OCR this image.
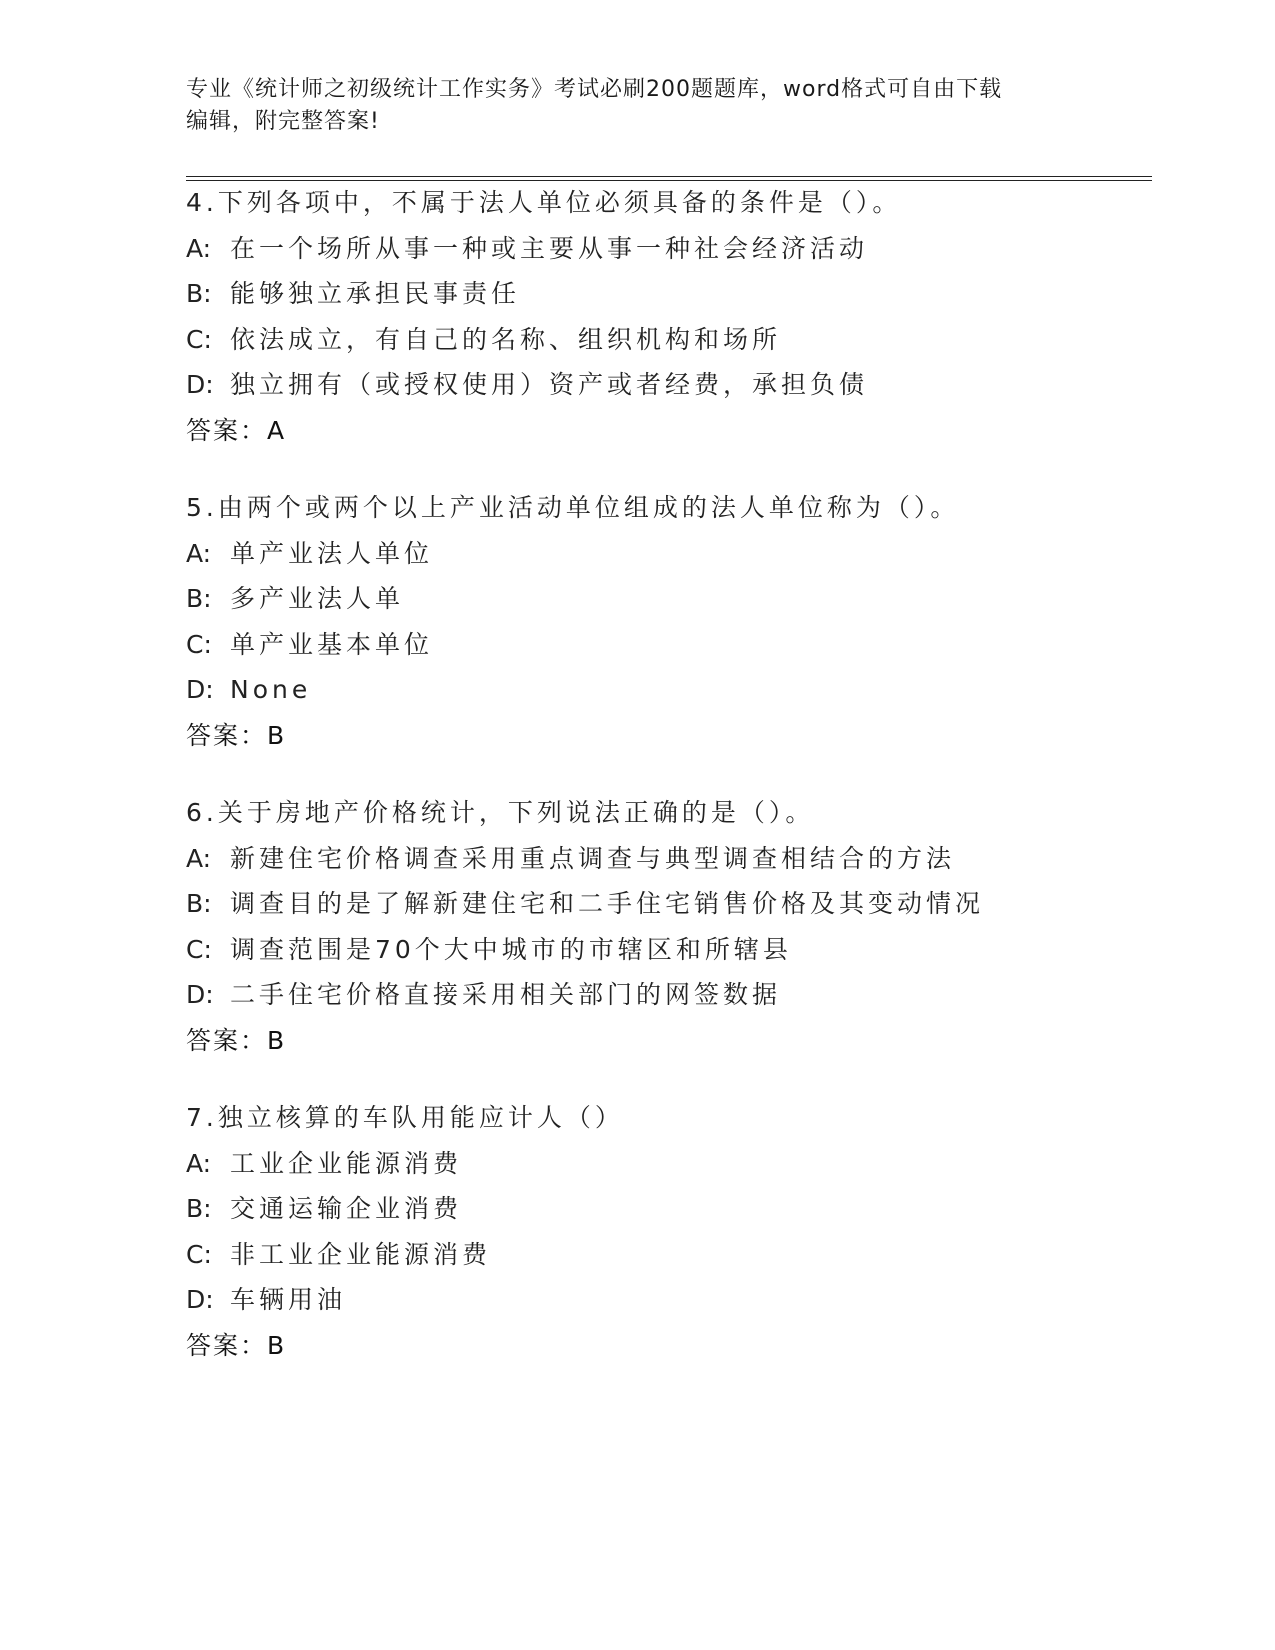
专业《统计师之初级统计工作实务》考试必刷200题题库，word格式可自由下载
编辑，附完整答案!
4.下列各项中，不属于法人单位必须具备的条件是（）。
A: 在一个场所从事一种或主要从事一种社会经济活动
B: 能够独立承担民事责任
C: 依法成立，有自己的名称、组织机构和场所
D: 独立拥有（或授权使用）资产或者经费，承担负债
答案：A
5.由两个或两个以上产业活动单位组成的法人单位称为（）。
A: 单产业法人单位
B: 多产业法人单
C: 单产业基本单位
D: None
答案：B
6.关于房地产价格统计，下列说法正确的是（）。
A: 新建住宅价格调查采用重点调查与典型调查相结合的方法
B: 调查目的是了解新建住宅和二手住宅销售价格及其变动情况
C: 调查范围是70个大中城市的市辖区和所辖县
D: 二手住宅价格直接采用相关部门的网签数据
答案：B
7.独立核算的车队用能应计人（）
A: 工业企业能源消费
B: 交通运输企业消费
C: 非工业企业能源消费
D: 车辆用油
答案：B
